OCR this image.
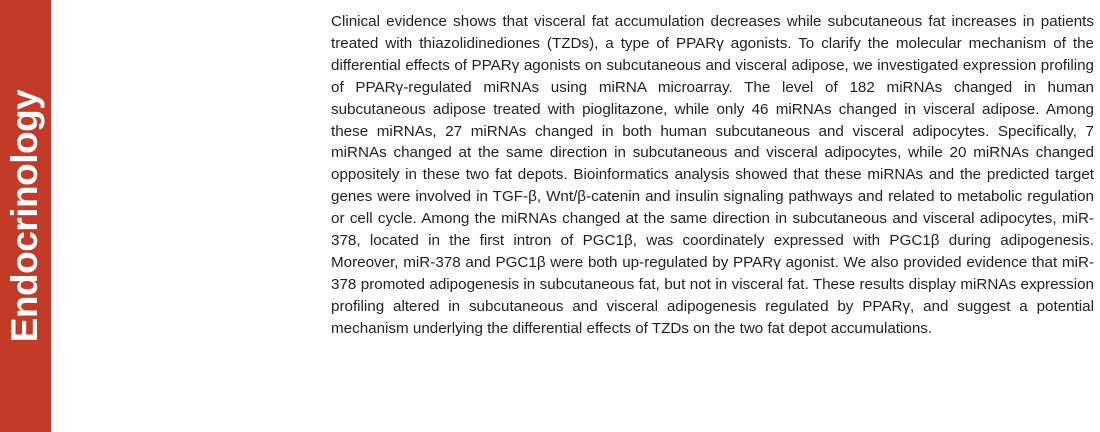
Endocrinology

Clinical evidence shows that visceral fat accumulation decreases while subcutaneous fat increases in patients treated with thiazolidinediones (TZDs), a type of PPARγ agonists. To clarify the molecular mechanism of the differential effects of PPARγ agonists on subcutaneous and visceral adipose, we investigated expression profiling of PPARγ-regulated miRNAs using miRNA microarray. The level of 182 miRNAs changed in human subcutaneous adipose treated with pioglitazone, while only 46 miRNAs changed in visceral adipose. Among these miRNAs, 27 miRNAs changed in both human subcutaneous and visceral adipocytes. Specifically, 7 miRNAs changed at the same direction in subcutaneous and visceral adipocytes, while 20 miRNAs changed oppositely in these two fat depots. Bioinformatics analysis showed that these miRNAs and the predicted target genes were involved in TGF-β, Wnt/β-catenin and insulin signaling pathways and related to metabolic regulation or cell cycle. Among the miRNAs changed at the same direction in subcutaneous and visceral adipocytes, miR-378, located in the first intron of PGC1β, was coordinately expressed with PGC1β during adipogenesis. Moreover, miR-378 and PGC1β were both up-regulated by PPARγ agonist. We also provided evidence that miR-378 promoted adipogenesis in subcutaneous fat, but not in visceral fat. These results display miRNAs expression profiling altered in subcutaneous and visceral adipogenesis regulated by PPARγ, and suggest a potential mechanism underlying the differential effects of TZDs on the two fat depot accumulations.
